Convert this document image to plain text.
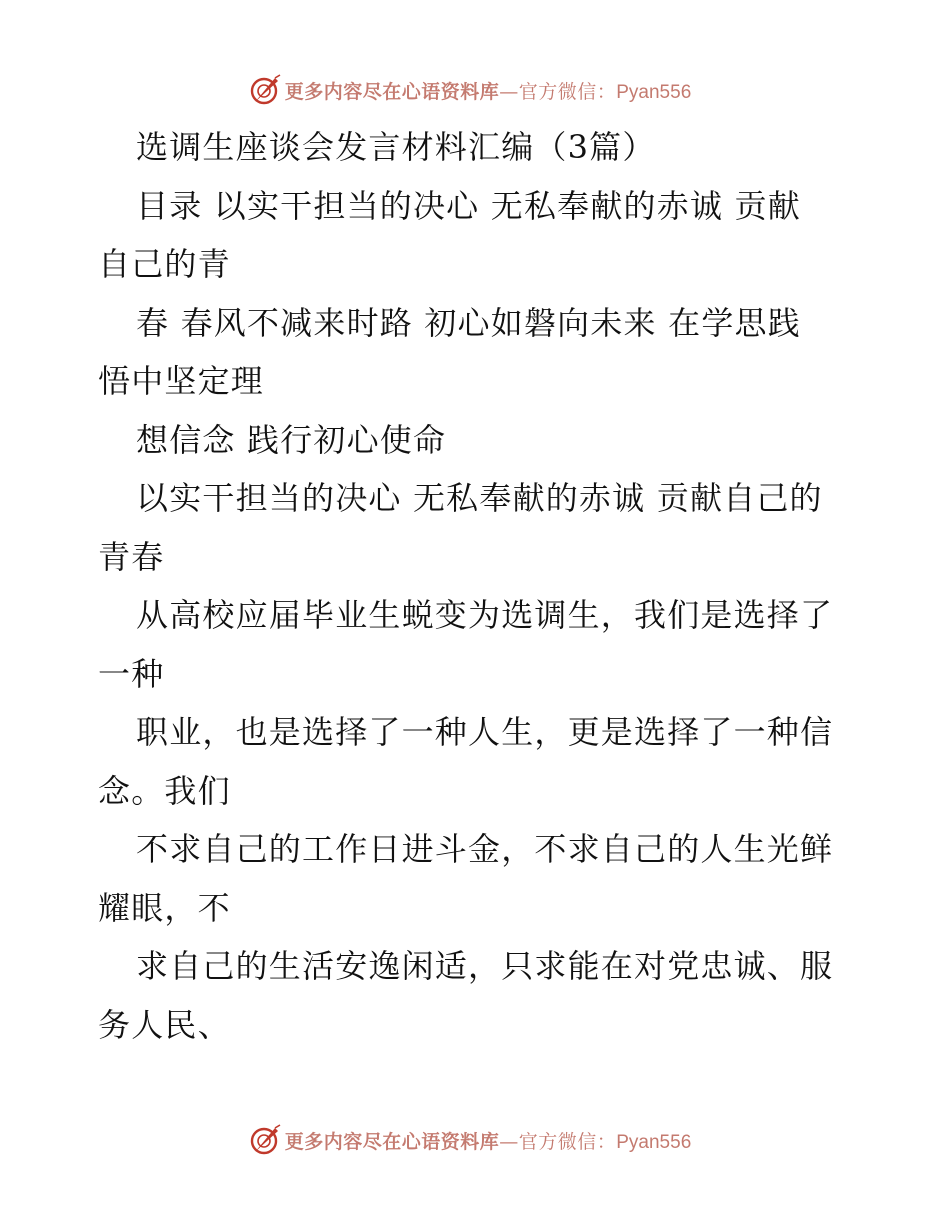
更多内容尽在心语资料库—官方微信：Pyan556
选调生座谈会发言材料汇编（3篇）
目录 以实干担当的决心 无私奉献的赤诚 贡献
自己的青
春 春风不减来时路 初心如磐向未来 在学思践
悟中坚定理
想信念 践行初心使命
以实干担当的决心 无私奉献的赤诚 贡献自己的
青春
从高校应届毕业生蜕变为选调生，我们是选择了
一种
职业，也是选择了一种人生，更是选择了一种信
念。我们
不求自己的工作日进斗金，不求自己的人生光鲜
耀眼，不
求自己的生活安逸闲适，只求能在对党忠诚、服
务人民、
更多内容尽在心语资料库—官方微信：Pyan556
